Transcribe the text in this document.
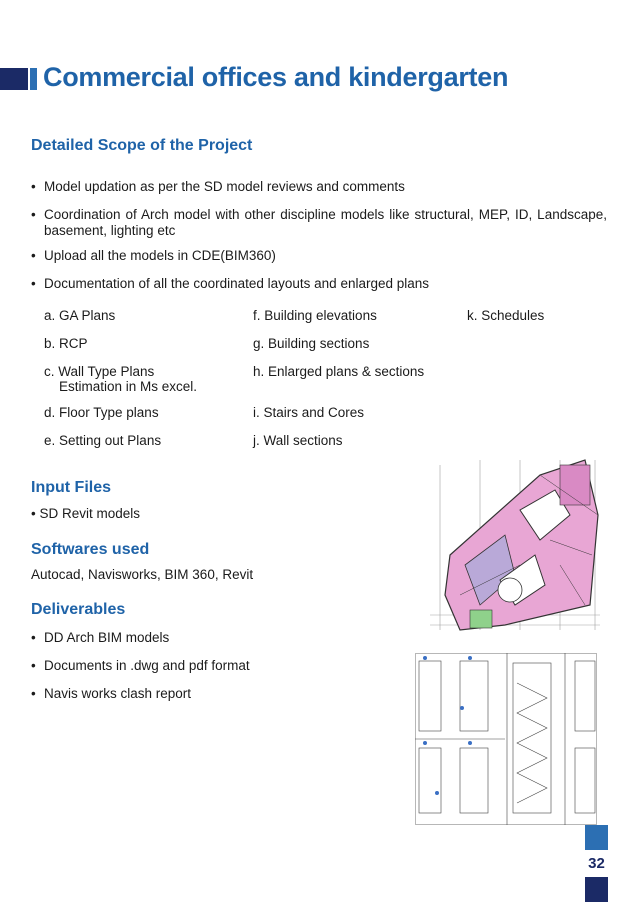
Commercial offices and kindergarten
Detailed Scope of the Project
• Model updation as per the SD model reviews and comments
• Coordination of Arch model with other discipline models like structural, MEP, ID, Landscape, basement, lighting etc
• Upload all the models in CDE(BIM360)
• Documentation of all the coordinated layouts and enlarged plans
a. GA Plans
b. RCP
c. Wall Type Plans
Estimation in Ms excel.
d. Floor Type plans
e. Setting out Plans
f. Building elevations
g. Building sections
h. Enlarged plans & sections
i. Stairs and Cores
j. Wall sections
k. Schedules
Input Files
• SD Revit models
Softwares used
Autocad, Navisworks, BIM 360, Revit
Deliverables
• DD Arch BIM models
• Documents in .dwg and pdf format
• Navis works clash report
32
